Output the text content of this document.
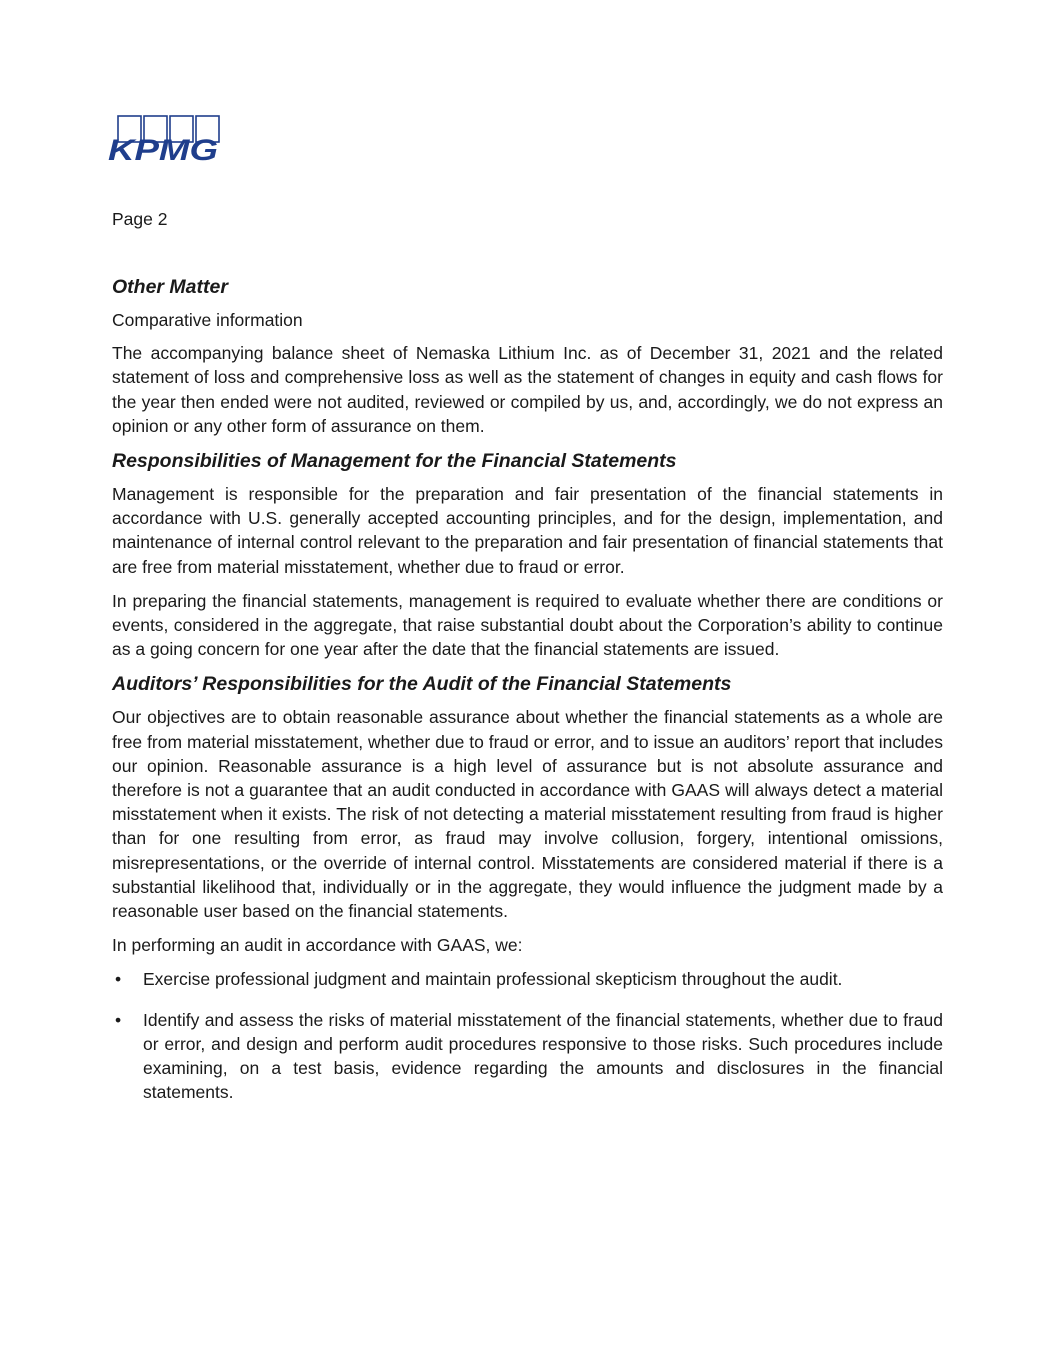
KPMG
Page 2
Other Matter

Comparative information

The accompanying balance sheet of Nemaska Lithium Inc. as of December 31, 2021 and the related statement of loss and comprehensive loss as well as the statement of changes in equity and cash flows for the year then ended were not audited, reviewed or compiled by us, and, accordingly, we do not express an opinion or any other form of assurance on them.

Responsibilities of Management for the Financial Statements

Management is responsible for the preparation and fair presentation of the financial statements in accordance with U.S. generally accepted accounting principles, and for the design, implementation, and maintenance of internal control relevant to the preparation and fair presentation of financial statements that are free from material misstatement, whether due to fraud or error.

In preparing the financial statements, management is required to evaluate whether there are conditions or events, considered in the aggregate, that raise substantial doubt about the Corporation’s ability to continue as a going concern for one year after the date that the financial statements are issued.

Auditors’ Responsibilities for the Audit of the Financial Statements

Our objectives are to obtain reasonable assurance about whether the financial statements as a whole are free from material misstatement, whether due to fraud or error, and to issue an auditors’ report that includes our opinion. Reasonable assurance is a high level of assurance but is not absolute assurance and therefore is not a guarantee that an audit conducted in accordance with GAAS will always detect a material misstatement when it exists. The risk of not detecting a material misstatement resulting from fraud is higher than for one resulting from error, as fraud may involve collusion, forgery, intentional omissions, misrepresentations, or the override of internal control. Misstatements are considered material if there is a substantial likelihood that, individually or in the aggregate, they would influence the judgment made by a reasonable user based on the financial statements.

In performing an audit in accordance with GAAS, we:

• Exercise professional judgment and maintain professional skepticism throughout the audit.
• Identify and assess the risks of material misstatement of the financial statements, whether due to fraud or error, and design and perform audit procedures responsive to those risks. Such procedures include examining, on a test basis, evidence regarding the amounts and disclosures in the financial statements.
